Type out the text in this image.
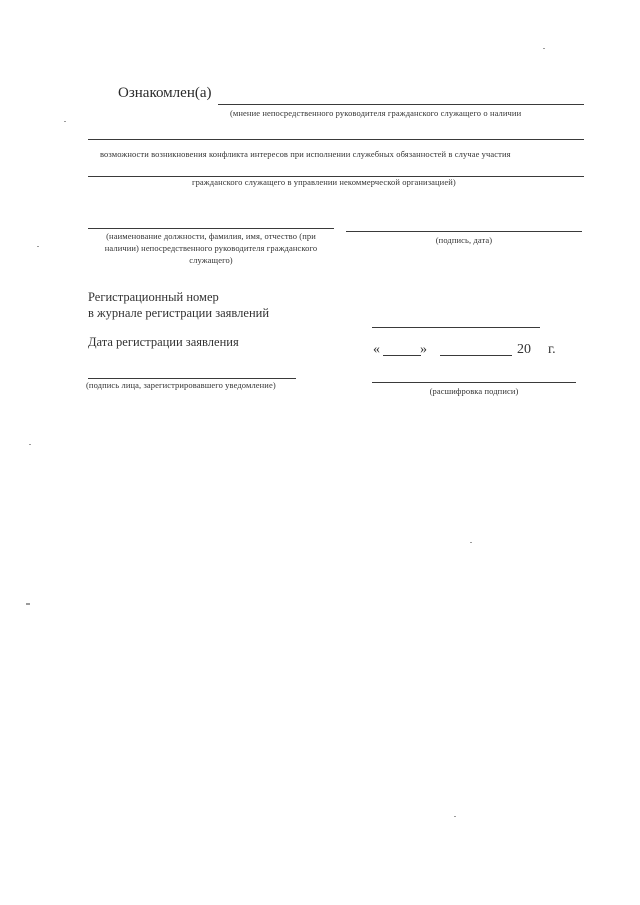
Ознакомлен(а)
(мнение непосредственного руководителя гражданского служащего о наличии
возможности возникновения конфликта интересов при исполнении служебных обязанностей в случае участия
гражданского служащего в управлении некоммерческой организацией)
(наименование должности, фамилия, имя, отчество (при наличии) непосредственного руководителя гражданского служащего)
(подпись, дата)
Регистрационный номер
в журнале регистрации заявлений
Дата регистрации заявления	«	»	20 г.
(подпись лица, зарегистрировавшего уведомление)
(расшифровка подписи)
